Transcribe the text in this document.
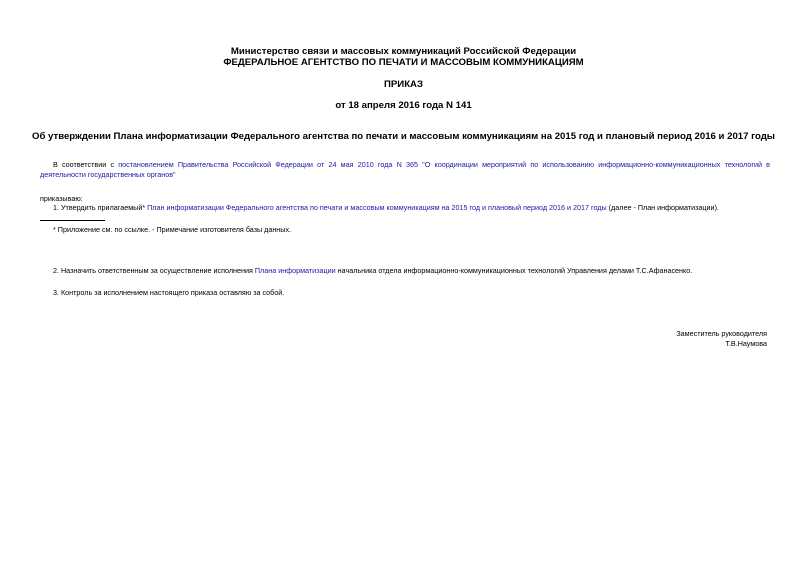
Министерство связи и массовых коммуникаций Российской Федерации
ФЕДЕРАЛЬНОЕ АГЕНТСТВО ПО ПЕЧАТИ И МАССОВЫМ КОММУНИКАЦИЯМ
ПРИКАЗ
от 18 апреля 2016 года N 141
Об утверждении Плана информатизации Федерального агентства по печати и массовым коммуникациям на 2015 год и плановый период 2016 и 2017 годы
В соответствии с постановлением Правительства Российской Федерации от 24 мая 2010 года N 365 "О координации мероприятий по использованию информационно-коммуникационных технологий в деятельности государственных органов"
приказываю:
1. Утвердить прилагаемый* План информатизации Федерального агентства по печати и массовым коммуникациям на 2015 год и плановый период 2016 и 2017 годы (далее - План информатизации).
* Приложение см. по ссылке. - Примечание изготовителя базы данных.
2. Назначить ответственным за осуществление исполнения Плана информатизации начальника отдела информационно-коммуникационных технологий Управления делами Т.С.Афанасенко.
3. Контроль за исполнением настоящего приказа оставляю за собой.
Заместитель руководителя
Т.В.Наумова
